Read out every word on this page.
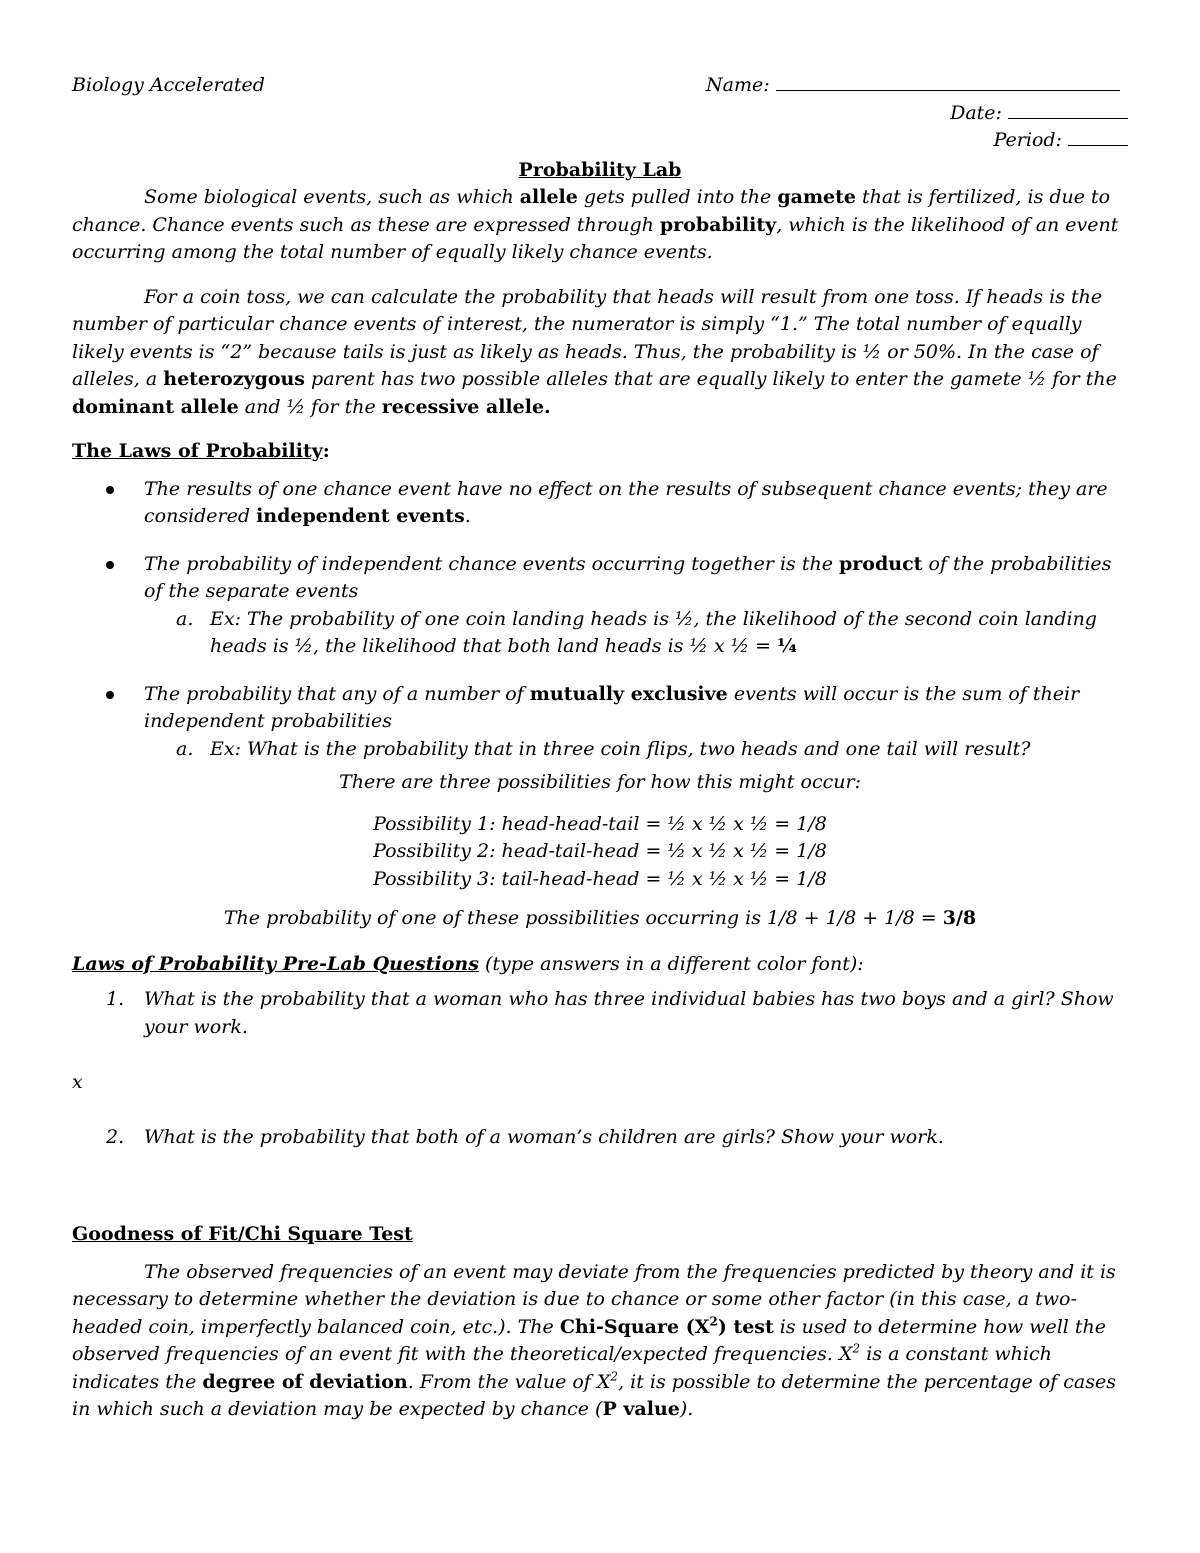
Biology Accelerated	Name:
Date:
Period:

Probability Lab

Some biological events, such as which allele gets pulled into the gamete that is fertilized, is due to chance. Chance events such as these are expressed through probability, which is the likelihood of an event occurring among the total number of equally likely chance events.

For a coin toss, we can calculate the probability that heads will result from one toss. If heads is the number of particular chance events of interest, the numerator is simply “1.” The total number of equally likely events is “2” because tails is just as likely as heads. Thus, the probability is ½ or 50%. In the case of alleles, a heterozygous parent has two possible alleles that are equally likely to enter the gamete ½ for the dominant allele and ½ for the recessive allele.

The Laws of Probability:

The results of one chance event have no effect on the results of subsequent chance events; they are considered independent events.
The probability of independent chance events occurring together is the product of the probabilities of the separate events
a. Ex: The probability of one coin landing heads is ½, the likelihood of the second coin landing heads is ½, the likelihood that both land heads is ½ x ½ = ¼
The probability that any of a number of mutually exclusive events will occur is the sum of their independent probabilities
a. Ex: What is the probability that in three coin flips, two heads and one tail will result?

There are three possibilities for how this might occur:

Possibility 1: head-head-tail = ½ x ½ x ½ = 1/8

Possibility 2: head-tail-head = ½ x ½ x ½ = 1/8

Possibility 3: tail-head-head = ½ x ½ x ½ = 1/8

The probability of one of these possibilities occurring is 1/8 + 1/8 + 1/8 = 3/8

Laws of Probability Pre-Lab Questions (type answers in a different color font):

1. What is the probability that a woman who has three individual babies has two boys and a girl? Show your work.

x

2. What is the probability that both of a woman’s children are girls? Show your work.

Goodness of Fit/Chi Square Test

The observed frequencies of an event may deviate from the frequencies predicted by theory and it is necessary to determine whether the deviation is due to chance or some other factor (in this case, a two-headed coin, imperfectly balanced coin, etc.). The Chi-Square $(X^2)$ test is used to determine how well the observed frequencies of an event fit with the theoretical/expected frequencies. $X^2$ is a constant which indicates the degree of deviation. From the value of $X^2$, it is possible to determine the percentage of cases in which such a deviation may be expected by chance (P value).
